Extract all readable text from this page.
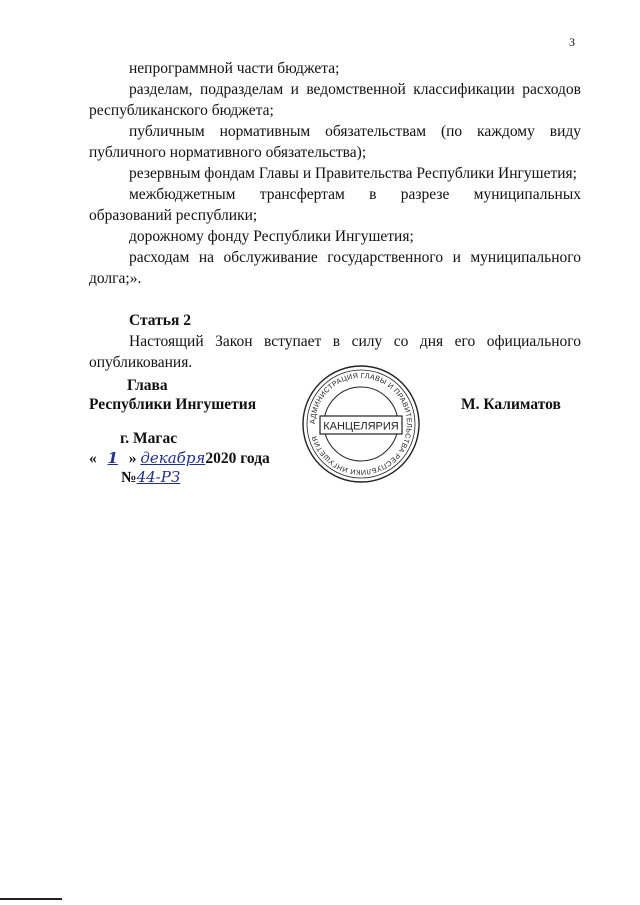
3

непрограммной части бюджета;

разделам, подразделам и ведомственной классификации расходов республиканского бюджета;

публичным нормативным обязательствам (по каждому виду публичного нормативного обязательства);

резервным фондам Главы и Правительства Республики Ингушетия;

межбюджетным трансфертам в разрезе муниципальных образований республики;

дорожному фонду Республики Ингушетия;

расходам на обслуживание государственного и муниципального долга;».

Статья 2

Настоящий Закон вступает в силу со дня его официального опубликования.

Глава
Республики Ингушетия	М. Калиматов
г. Магас
« 1 » декабря2020 года
№44-РЗ
АДМИНИСТРАЦИЯ ГЛАВЫ И ПРАВИТЕЛЬСТВА РЕСПУБЛИКИ ИНГУШЕТИЯ
КАНЦЕЛЯРИЯ
